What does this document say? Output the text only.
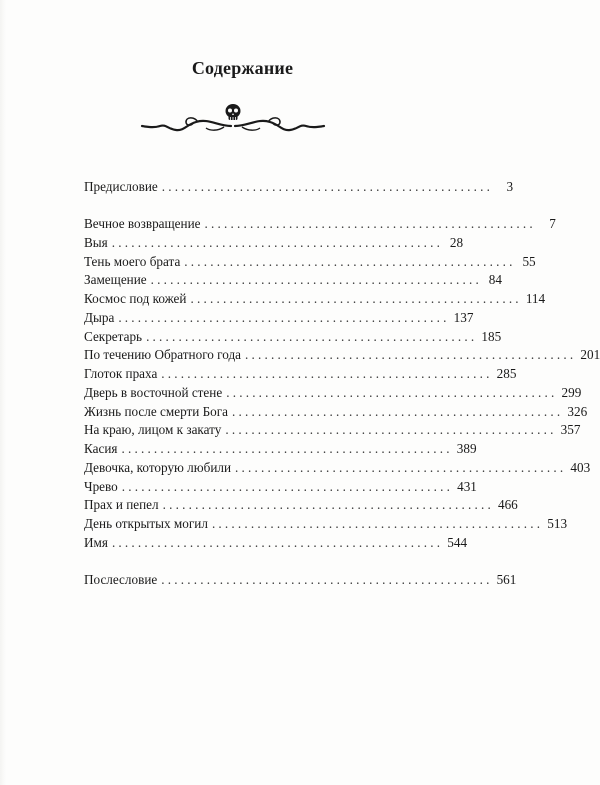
Содержание
Предисловие ...................................................	3
Вечное возвращение ...................................................	7
Выя ................................................... 28
Тень моего брата ................................................... 55
Замещение ................................................... 84
Космос под кожей ................................................... 114
Дыра ................................................... 137
Секретарь ................................................... 185
По течению Обратного года ................................................... 201
Глоток праха ................................................... 285
Дверь в восточной стене ................................................... 299
Жизнь после смерти Бога ................................................... 326
На краю, лицом к закату ................................................... 357
Касия ................................................... 389
Девочка, которую любили ................................................... 403
Чрево ................................................... 431
Прах и пепел ................................................... 466
День открытых могил ................................................... 513
Имя ................................................... 544
Послесловие ................................................... 561
